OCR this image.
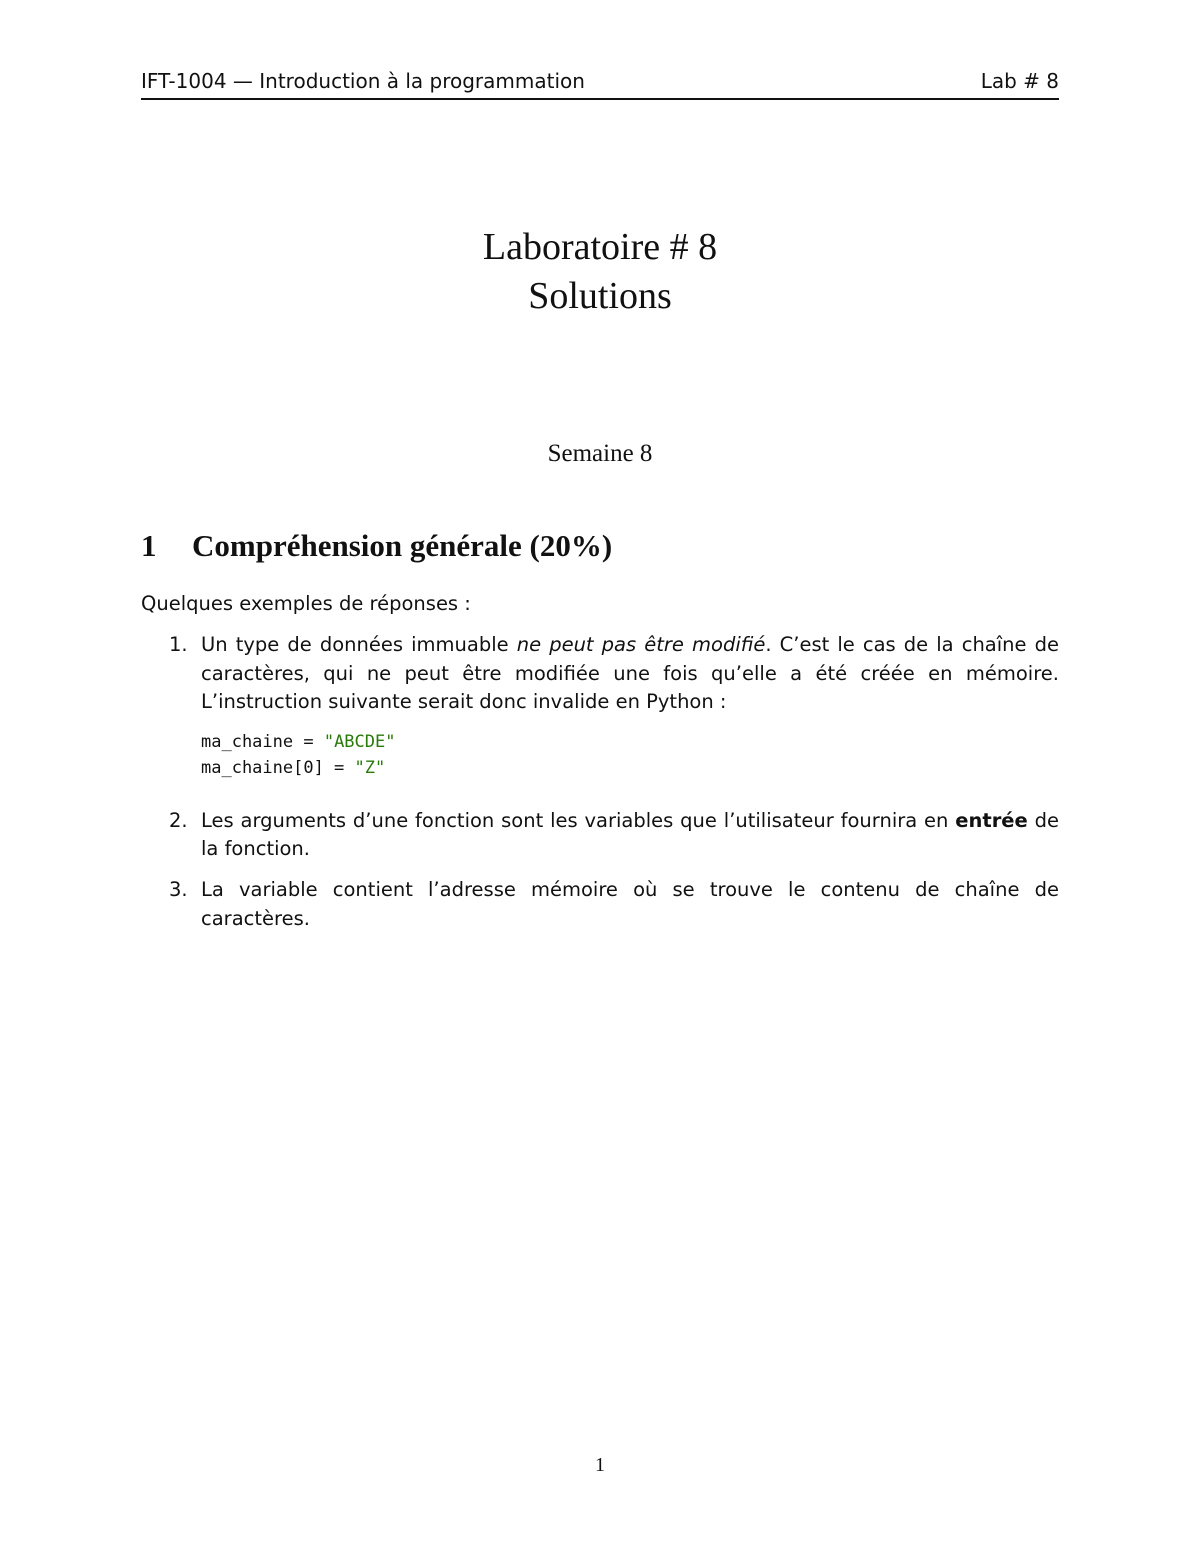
IFT-1004 — Introduction à la programmation	Lab # 8
Laboratoire # 8
Solutions
Semaine 8
1 Compréhension générale (20%)
Quelques exemples de réponses :
1. Un type de données immuable ne peut pas être modifié. C’est le cas de la chaîne de caractères, qui ne peut être modifiée une fois qu’elle a été créée en mémoire. L’instruction suivante serait donc invalide en Python :
ma_chaine = "ABCDE"
ma_chaine[0] = "Z"
2. Les arguments d’une fonction sont les variables que l’utilisateur fournira en entrée de la fonction.
3. La variable contient l’adresse mémoire où se trouve le contenu de chaîne de caractères.
1
